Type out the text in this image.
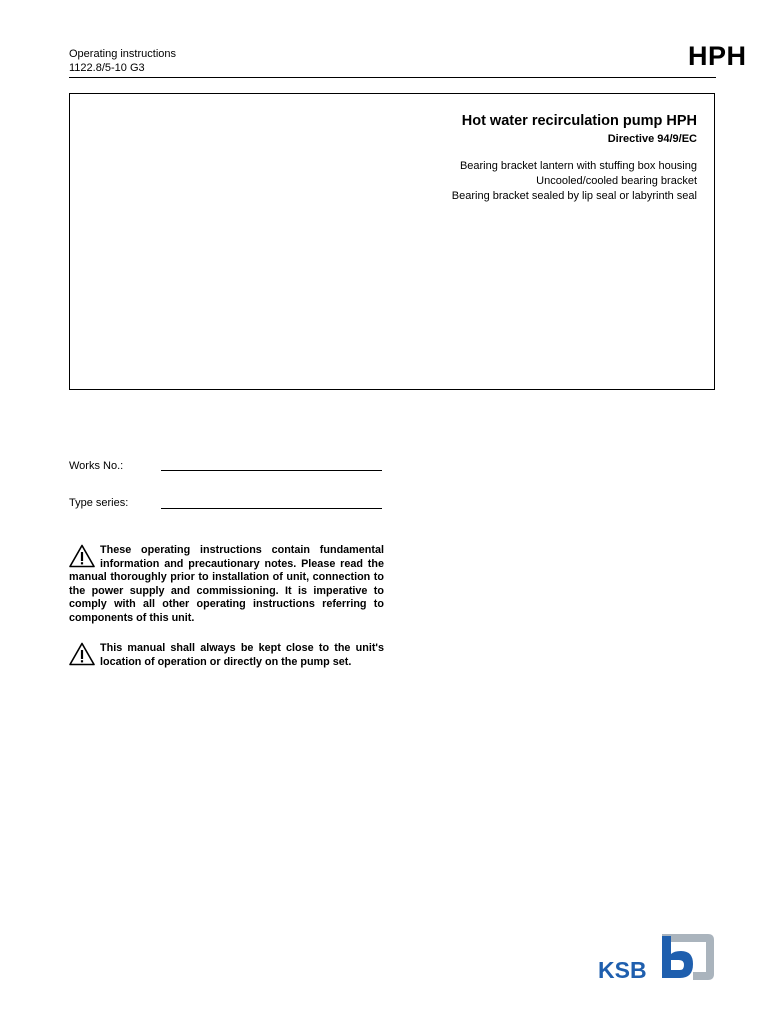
Operating instructions
1122.8/5-10 G3	HPH
Hot water recirculation pump HPH
Directive 94/9/EC
Bearing bracket lantern with stuffing box housing
Uncooled/cooled bearing bracket
Bearing bracket sealed by lip seal or labyrinth seal
Works No.:
Type series:
These operating instructions contain fundamental information and precautionary notes. Please read the manual thoroughly prior to installation of unit, connection to the power supply and commissioning. It is imperative to comply with all other operating instructions referring to components of this unit.
This manual shall always be kept close to the unit's location of operation or directly on the pump set.
KSB
